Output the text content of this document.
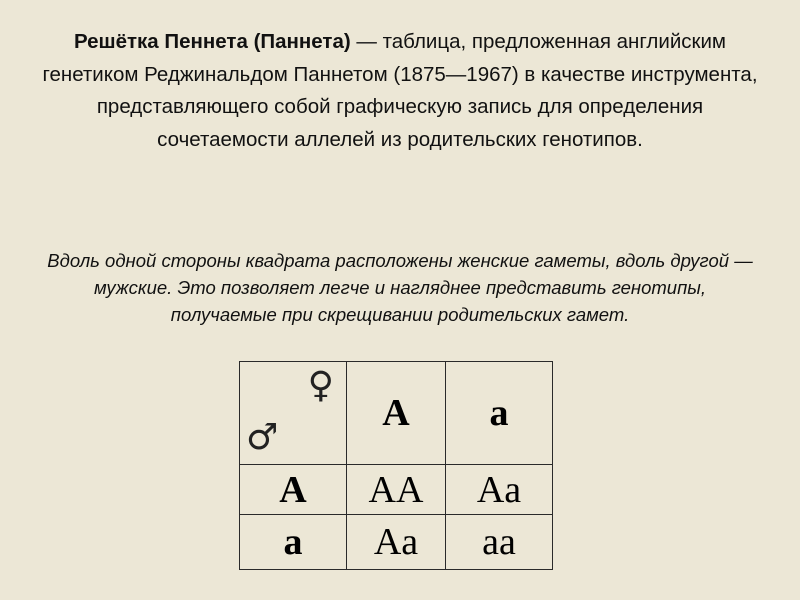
Решётка Пеннета (Паннета) — таблица, предложенная английским генетиком Реджинальдом Паннетом (1875—1967) в качестве инструмента, представляющего собой графическую запись для определения сочетаемости аллелей из родительских генотипов.

Вдоль одной стороны квадрата расположены женские гаметы, вдоль другой — мужские. Это позволяет легче и нагляднее представить генотипы, получаемые при скрещивании родительских гамет.

♀
♂	A	a
A	AA	Aa
a	Aa	aa
